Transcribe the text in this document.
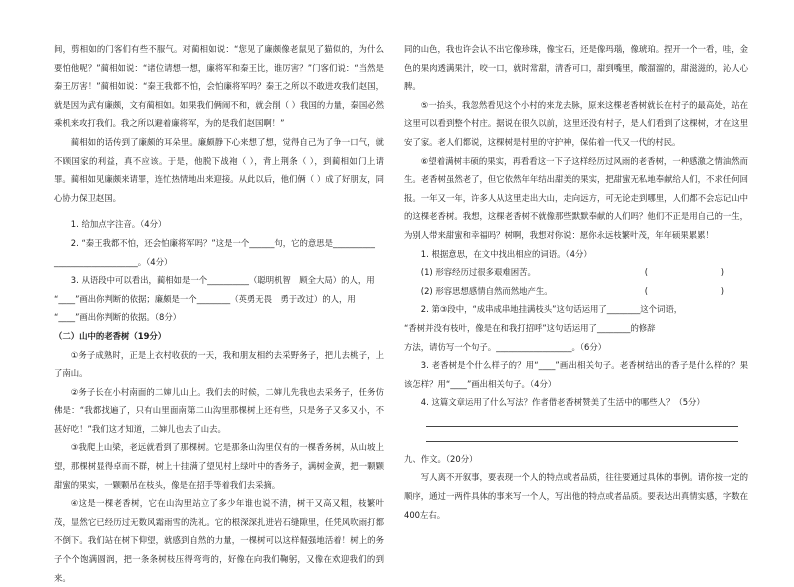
间，剪相如的门客们有些不服气。对蔺相如说：“您见了廉颇像老鼠见了猫似的，为什么要怕他呢？”蔺相如说：“诸位请想一想，廉将军和秦王比，谁厉害？”门客们说：“当然是秦王厉害！”蔺相如说：“秦王我都不怕，会怕廉将军吗？秦王之所以不敢进攻我们赵国，就是因为武有廉颇，文有蔺相如。如果我们俩闹不和，就会削（ ）我国的力量，秦国必然乘机来攻打我们。我之所以避着廉将军，为的是我们赵国啊！”

蔺相如的话传到了廉颇的耳朵里。廉颇静下心来想了想，觉得自己为了争一口气，就不顾国家的利益，真不应该。于是，他脱下战袍（ ），背上荆条（ ），到蔺相如门上请罪。蔺相如见廉颇来请罪，连忙热情地出来迎接。从此以后，他们俩（ ）成了好朋友，同心协力保卫赵国。

1. 给加点字注音。（4分）

2. “秦王我都不怕，还会怕廉将军吗？”这是一个______句，它的意思是__________

____________________。（4分）

3. 从语段中可以看出，蔺相如是一个__________（聪明机智　顾全大局）的人，用

“____”画出你判断的依据；廉颇是一个________（英勇无畏　勇于改过）的人，用

“____”画出你判断的依据。（8分）

（二）山中的老香树（19分）

①务子成熟时，正是上衣村收获的一天，我和朋友相约去采野务子，把儿去桃子，上了南山。

②务子长在小村南面的二婶儿山上。我们去的时候，二婶儿先我也去采务子，任务仿佛是：“我都找遍了，只有山里面南第二山沟里那棵树上还有些，只是务子又多又小，不甚好吃！”我们这才知道，二婶儿也去了山去。

③我爬上山梁，老远就看到了那棵树。它是那条山沟里仅有的一棵香务树，从山坡上望，那棵树显得卓而不群，树上十挂满了望见村上绿叶中的香务子，满树金黄，把一颗颗甜蜜的果实，一颗颗吊在枝头，像是在招手等着我们去采摘。

④这是一棵老香树，它在山沟里站立了多少年谁也说不清，树干又高又粗，枝繁叶茂，显然它已经历过无数风霜雨雪的洗礼。它的根深深扎进岩石缝隙里，任凭风吹雨打都不倒下。我们站在树下仰望，就感到自然的力量，一棵树可以这样倔强地活着！树上的务子个个饱满圆润，把一条条树枝压得弯弯的，好像在向我们鞠躬，又像在欢迎我们的到来。

同的山色，我也许会认不出它像珍珠，像宝石，还是像玛瑙，像琥珀。捏开一个一看，哇，金色的果肉透满果汁，咬一口，就时常甜，清香可口，甜到嘴里，酸溜溜的，甜滋滋的，沁人心脾。

⑤一抬头，我忽然看见这个小村的来龙去脉，原来这棵老香树就长在村子的最高处，站在这里可以看到整个村庄。据说在很久以前，这里还没有村子，是人们看到了这棵树，才在这里安了家。老人们都说，这棵树是村里的守护神，保佑着一代又一代的村民。

⑥望着满树丰硕的果实，再看看这一下子这样经历过风雨的老香树，一种感激之情油然而生。老香树虽然老了，但它依然年年结出甜美的果实，把甜蜜无私地奉献给人们，不求任何回报。一年又一年，许多人从这里走出大山，走向远方，可无论走到哪里，人们都不会忘记山中的这棵老香树。我想，这棵老香树不就像那些默默奉献的人们吗？他们不正是用自己的一生，为别人带来甜蜜和幸福吗？树啊，我想对你说：愿你永远枝繁叶茂，年年硕果累累！

1. 根据意思，在文中找出相应的词语。（4分）

(1) 形容经历过很多艰难困苦。	(	)
(2) 形容思想感情自然而然地产生。	(	)

2. 第③段中，“成串成串地挂满枝头”这句话运用了________这个词语，

“香树并没有枝叶，像是在和我打招呼”这句话运用了________的修辞

方法，请仿写一个句子。__________________。（6分）

3. 老香树是个什么样子的？用“____”画出相关句子。老香树结出的香子是什么样的？果该怎样？用“____”画出相关句子。（4分）

4. 这篇文章运用了什么写法？作者借老香树赞美了生活中的哪些人？（5分）

九、作文。（20分）

写人离不开叙事，要表现一个人的特点或者品质，往往要通过具体的事例。请你按一定的顺序，通过一两件具体的事来写一个人，写出他的特点或者品质。要表达出真情实感，字数在400左右。
